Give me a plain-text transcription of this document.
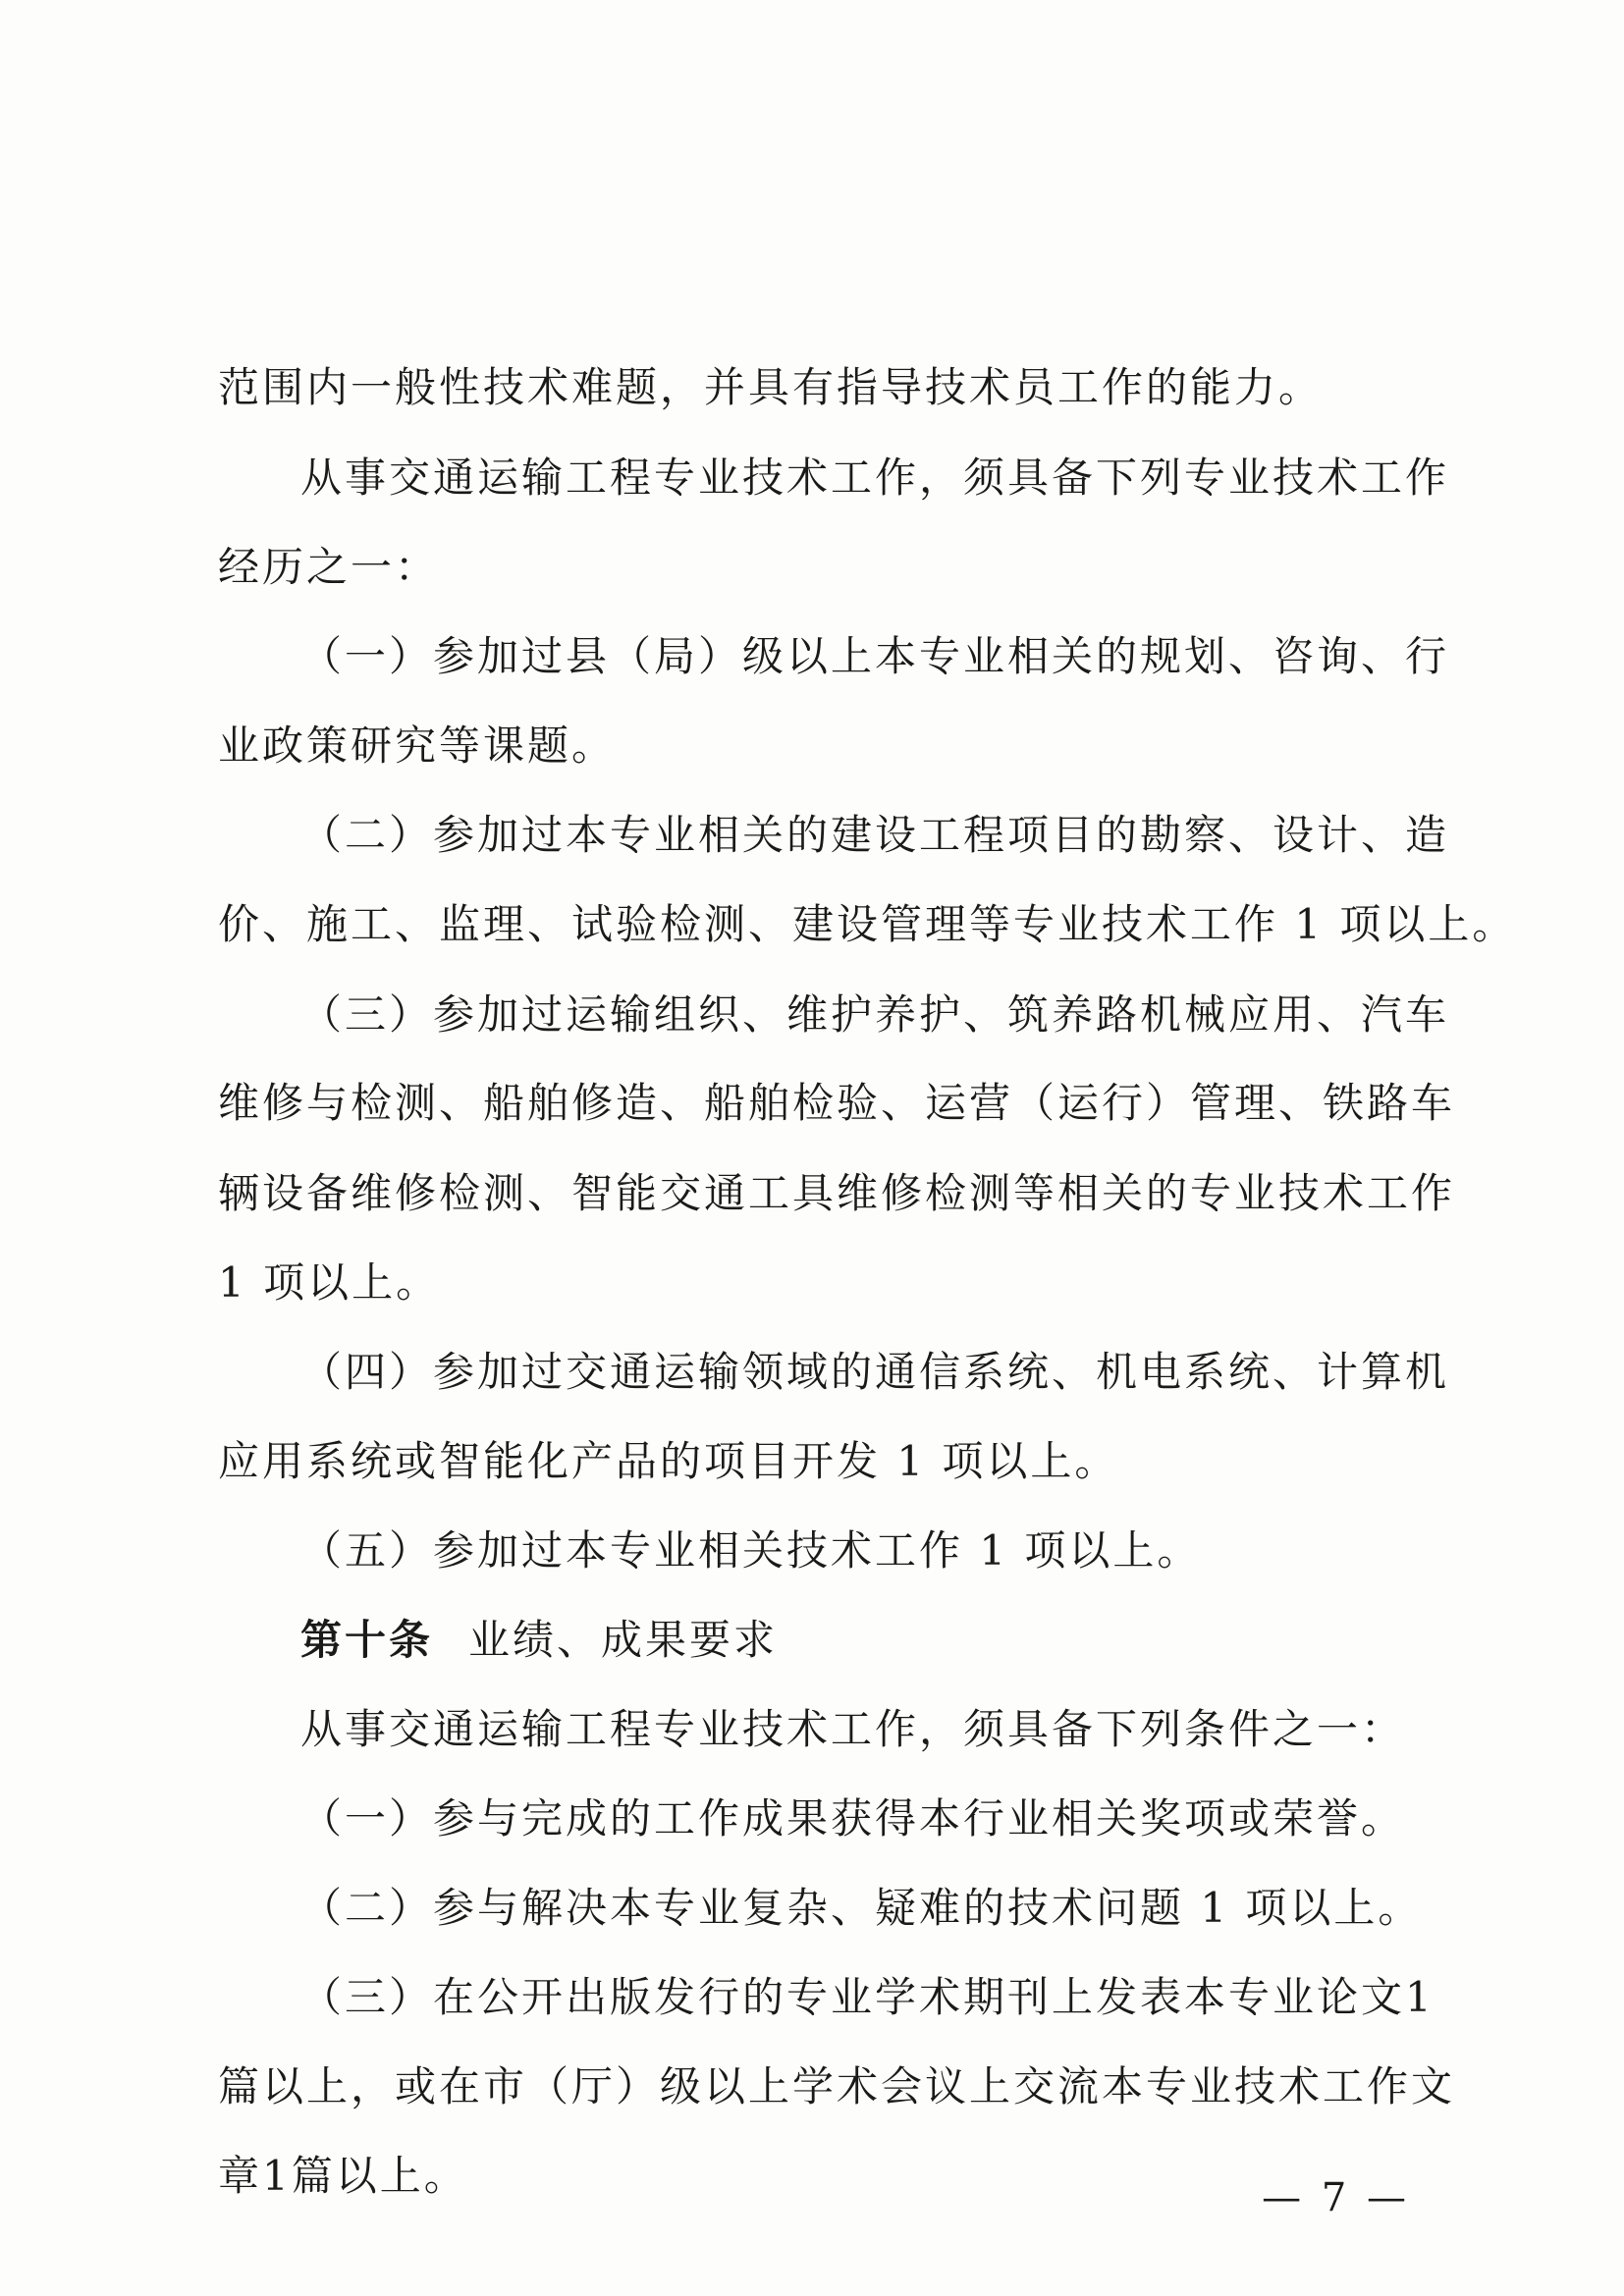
范围内一般性技术难题，并具有指导技术员工作的能力。
从事交通运输工程专业技术工作，须具备下列专业技术工作
经历之一：
（一）参加过县（局）级以上本专业相关的规划、咨询、行
业政策研究等课题。
（二）参加过本专业相关的建设工程项目的勘察、设计、造
价、施工、监理、试验检测、建设管理等专业技术工作 1 项以上。
（三）参加过运输组织、维护养护、筑养路机械应用、汽车
维修与检测、船舶修造、船舶检验、运营（运行）管理、铁路车
辆设备维修检测、智能交通工具维修检测等相关的专业技术工作
1 项以上。
（四）参加过交通运输领域的通信系统、机电系统、计算机
应用系统或智能化产品的项目开发 1 项以上。
（五）参加过本专业相关技术工作 1 项以上。
第十条 业绩、成果要求
从事交通运输工程专业技术工作，须具备下列条件之一：
（一）参与完成的工作成果获得本行业相关奖项或荣誉。
（二）参与解决本专业复杂、疑难的技术问题 1 项以上。
（三）在公开出版发行的专业学术期刊上发表本专业论文1
篇以上，或在市（厅）级以上学术会议上交流本专业技术工作文
章1篇以上。	— 7 —
